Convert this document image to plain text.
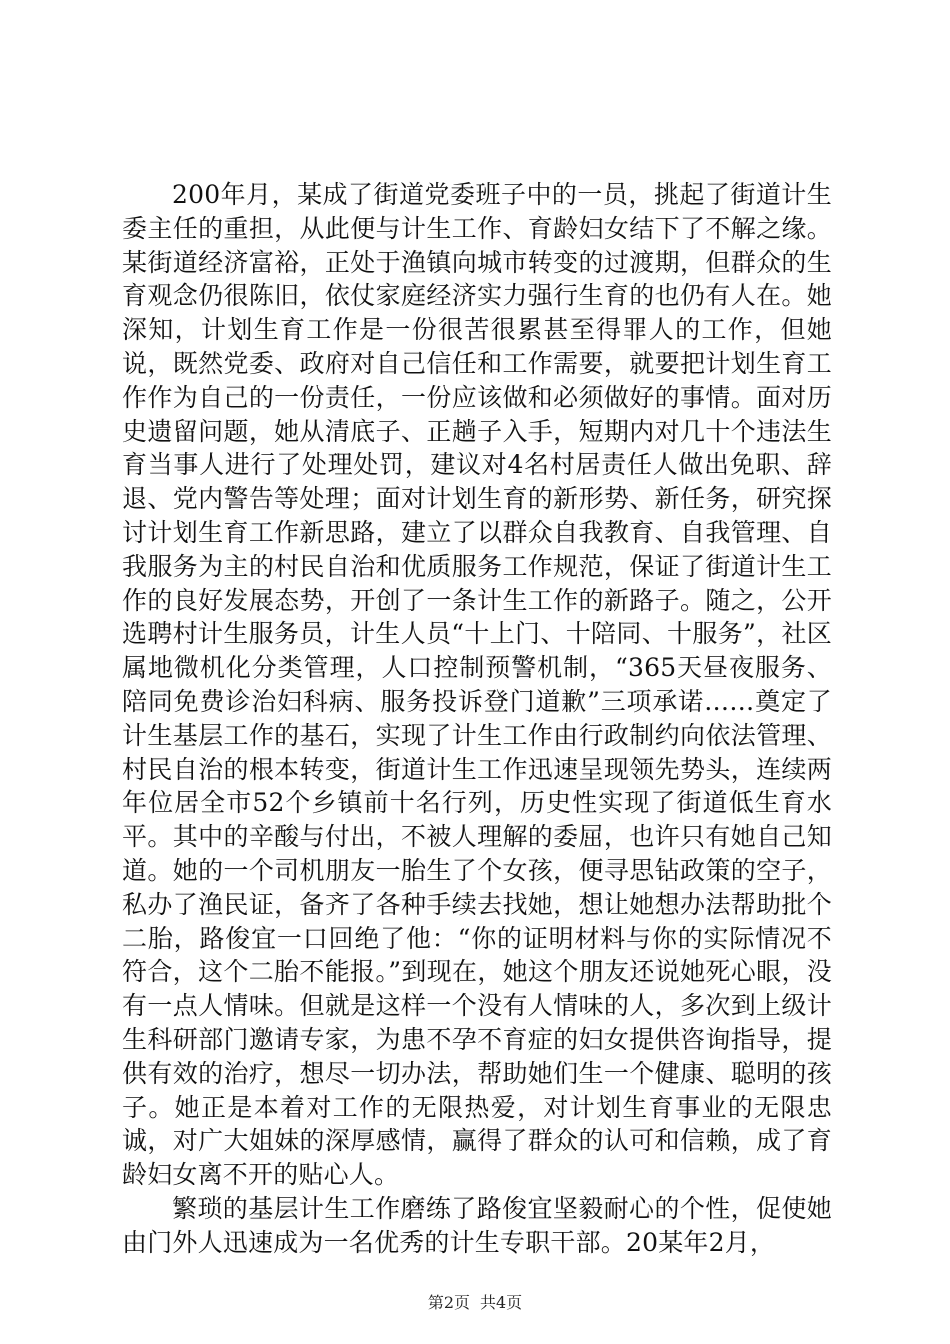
200年月，某成了街道党委班子中的一员，挑起了街道计生委主任的重担，从此便与计生工作、育龄妇女结下了不解之缘。某街道经济富裕，正处于渔镇向城市转变的过渡期，但群众的生育观念仍很陈旧，依仗家庭经济实力强行生育的也仍有人在。她深知，计划生育工作是一份很苦很累甚至得罪人的工作，但她说，既然党委、政府对自己信任和工作需要，就要把计划生育工作作为自己的一份责任，一份应该做和必须做好的事情。面对历史遗留问题，她从清底子、正趟子入手，短期内对几十个违法生育当事人进行了处理处罚，建议对4名村居责任人做出免职、辞退、党内警告等处理；面对计划生育的新形势、新任务，研究探讨计划生育工作新思路，建立了以群众自我教育、自我管理、自我服务为主的村民自治和优质服务工作规范，保证了街道计生工作的良好发展态势，开创了一条计生工作的新路子。随之，公开选聘村计生服务员，计生人员“十上门、十陪同、十服务”，社区属地微机化分类管理，人口控制预警机制，“365天昼夜服务、陪同免费诊治妇科病、服务投诉登门道歉”三项承诺……奠定了计生基层工作的基石，实现了计生工作由行政制约向依法管理、村民自治的根本转变，街道计生工作迅速呈现领先势头，连续两年位居全市52个乡镇前十名行列，历史性实现了街道低生育水平。其中的辛酸与付出，不被人理解的委屈，也许只有她自己知道。她的一个司机朋友一胎生了个女孩，便寻思钻政策的空子，私办了渔民证，备齐了各种手续去找她，想让她想办法帮助批个二胎，路俊宜一口回绝了他：“你的证明材料与你的实际情况不符合，这个二胎不能报。”到现在，她这个朋友还说她死心眼，没有一点人情味。但就是这样一个没有人情味的人，多次到上级计生科研部门邀请专家，为患不孕不育症的妇女提供咨询指导，提供有效的治疗，想尽一切办法，帮助她们生一个健康、聪明的孩子。她正是本着对工作的无限热爱，对计划生育事业的无限忠诚，对广大姐妹的深厚感情，赢得了群众的认可和信赖，成了育龄妇女离不开的贴心人。

繁琐的基层计生工作磨练了路俊宜坚毅耐心的个性，促使她由门外人迅速成为一名优秀的计生专职干部。20某年2月，

第2页 共4页
